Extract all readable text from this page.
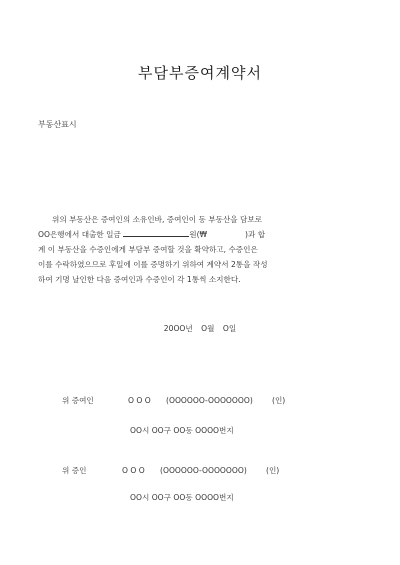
부담부증여계약서
부동산표시

위의 부동산은 증여인의 소유인바, 증여인이 동 부동산을 담보로

OO은행에서 대출한 일금	원(₩	)과 합

계 이 부동산을 수증인에게 부담부 증여할 것을 확약하고, 수증인은

이를 수락하였으므로 후일에 이를 증명하기 위하여 계약서 2통을 작성

하여 기명 날인한 다음 증여인과 수증인이 각 1통씩 소지한다.

20OO년 O월 O일
위 증여인	O O O (OOOOOO-OOOOOOO)	(인)
OO시 OO구 OO동 OOOO번지
위 증인	O O O (OOOOOO-OOOOOOO)	(인)
OO시 OO구 OO동 OOOO번지
